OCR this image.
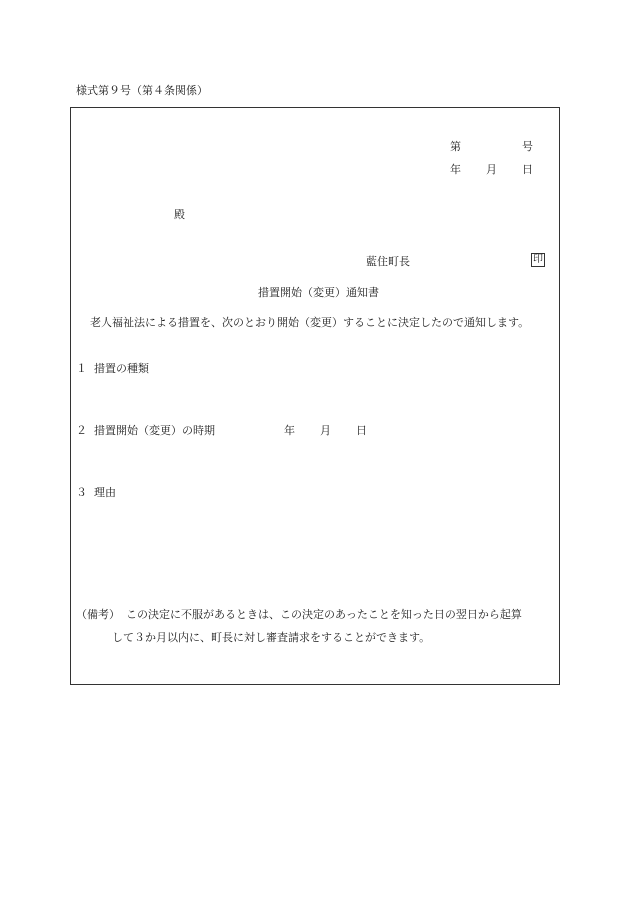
様式第９号（第４条関係）
第	号
年 月 日
殿
藍住町長	印
措置開始（変更）通知書
老人福祉法による措置を、次のとおり開始（変更）することに決定したので通知します。
１ 措置の種類
２ 措置開始（変更）の時期	年 月 日
３ 理由
（備考） この決定に不服があるときは、この決定のあったことを知った日の翌日から起算
して３か月以内に、町長に対し審査請求をすることができます。
